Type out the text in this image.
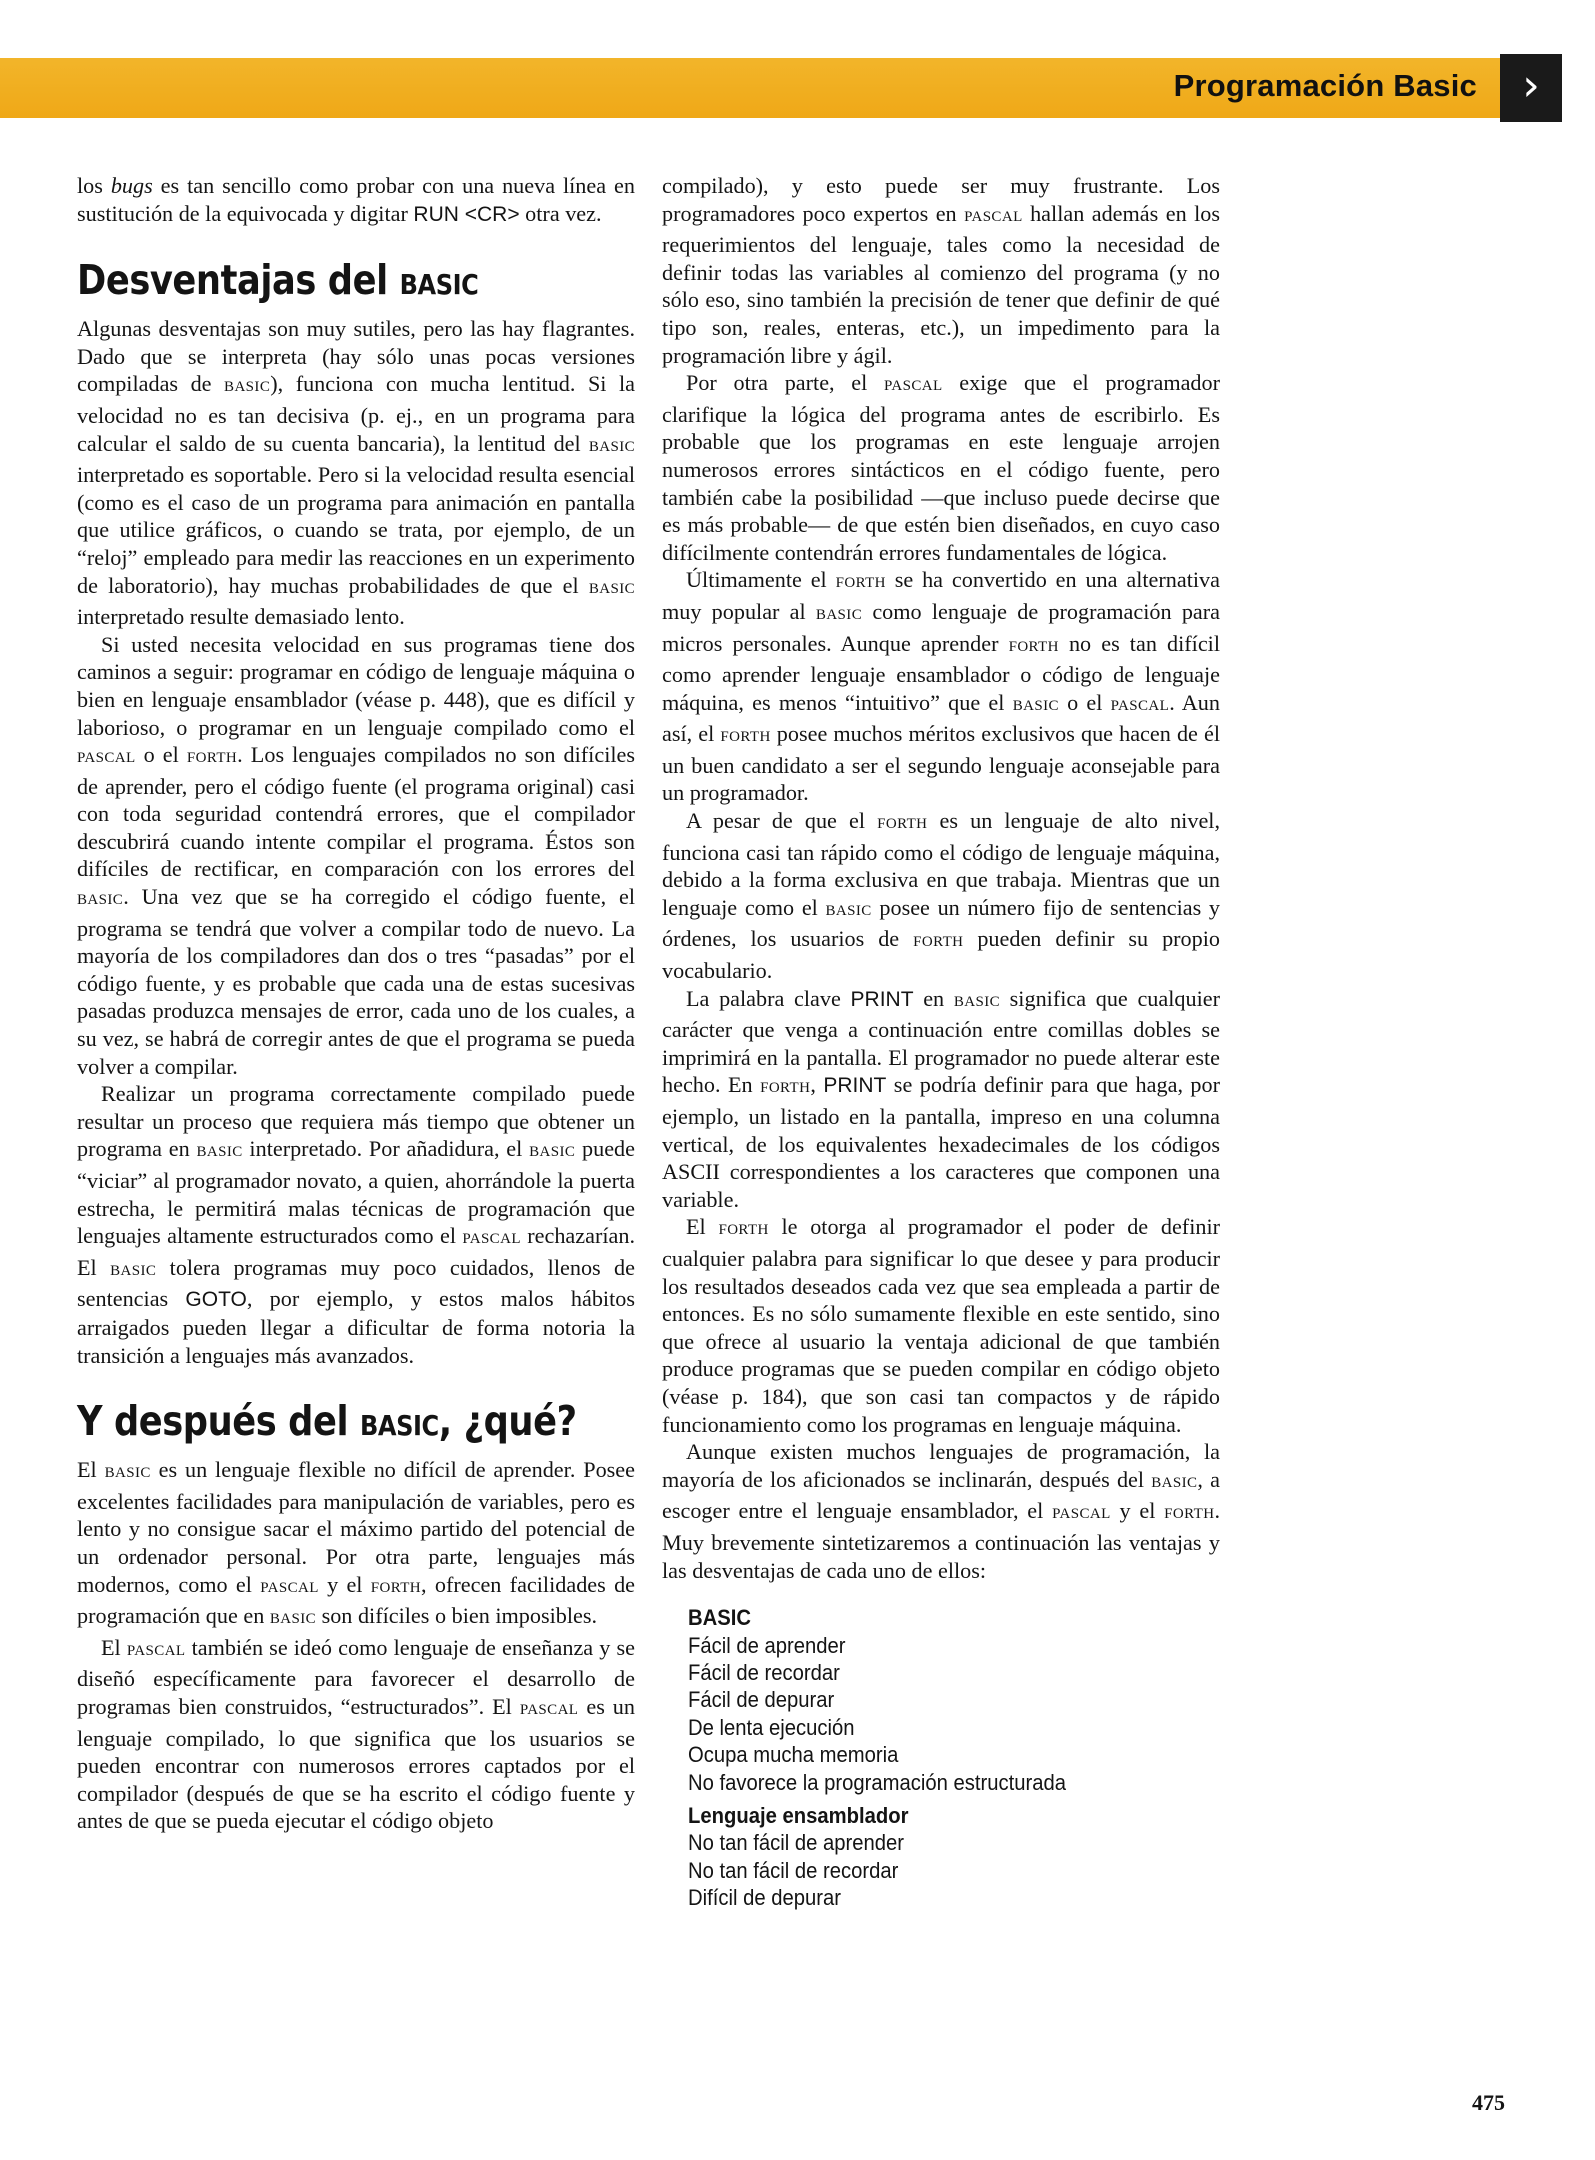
Programación Basic	›

los bugs es tan sencillo como probar con una nueva línea en sustitución de la equivocada y digitar RUN <CR> otra vez.

Desventajas del BASIC

Algunas desventajas son muy sutiles, pero las hay flagrantes. Dado que se interpreta (hay sólo unas pocas versiones compiladas de BASIC), funciona con mucha lentitud. Si la velocidad no es tan decisiva (p. ej., en un programa para calcular el saldo de su cuenta bancaria), la lentitud del BASIC interpretado es soportable. Pero si la velocidad resulta esencial (como es el caso de un programa para animación en pantalla que utilice gráficos, o cuando se trata, por ejemplo, de un “reloj” empleado para medir las reacciones en un experimento de laboratorio), hay muchas probabilidades de que el BASIC interpretado resulte demasiado lento.

Si usted necesita velocidad en sus programas tiene dos caminos a seguir: programar en código de lenguaje máquina o bien en lenguaje ensamblador (véase p. 448), que es difícil y laborioso, o programar en un lenguaje compilado como el PASCAL o el FORTH. Los lenguajes compilados no son difíciles de aprender, pero el código fuente (el programa original) casi con toda seguridad contendrá errores, que el compilador descubrirá cuando intente compilar el programa. Éstos son difíciles de rectificar, en comparación con los errores del BASIC. Una vez que se ha corregido el código fuente, el programa se tendrá que volver a compilar todo de nuevo. La mayoría de los compiladores dan dos o tres “pasadas” por el código fuente, y es probable que cada una de estas sucesivas pasadas produzca mensajes de error, cada uno de los cuales, a su vez, se habrá de corregir antes de que el programa se pueda volver a compilar.

Realizar un programa correctamente compilado puede resultar un proceso que requiera más tiempo que obtener un programa en BASIC interpretado. Por añadidura, el BASIC puede “viciar” al programador novato, a quien, ahorrándole la puerta estrecha, le permitirá malas técnicas de programación que lenguajes altamente estructurados como el PASCAL rechazarían. El BASIC tolera programas muy poco cuidados, llenos de sentencias GOTO, por ejemplo, y estos malos hábitos arraigados pueden llegar a dificultar de forma notoria la transición a lenguajes más avanzados.

Y después del BASIC, ¿qué?

El BASIC es un lenguaje flexible no difícil de aprender. Posee excelentes facilidades para manipulación de variables, pero es lento y no consigue sacar el máximo partido del potencial de un ordenador personal. Por otra parte, lenguajes más modernos, como el PASCAL y el FORTH, ofrecen facilidades de programación que en BASIC son difíciles o bien imposibles.

El PASCAL también se ideó como lenguaje de enseñanza y se diseñó específicamente para favorecer el desarrollo de programas bien construidos, “estructurados”. El PASCAL es un lenguaje compilado, lo que significa que los usuarios se pueden encontrar con numerosos errores captados por el compilador (después de que se ha escrito el código fuente y antes de que se pueda ejecutar el código objeto

compilado), y esto puede ser muy frustrante. Los programadores poco expertos en PASCAL hallan además en los requerimientos del lenguaje, tales como la necesidad de definir todas las variables al comienzo del programa (y no sólo eso, sino también la precisión de tener que definir de qué tipo son, reales, enteras, etc.), un impedimento para la programación libre y ágil.

Por otra parte, el PASCAL exige que el programador clarifique la lógica del programa antes de escribirlo. Es probable que los programas en este lenguaje arrojen numerosos errores sintácticos en el código fuente, pero también cabe la posibilidad —que incluso puede decirse que es más probable— de que estén bien diseñados, en cuyo caso difícilmente contendrán errores fundamentales de lógica.

Últimamente el FORTH se ha convertido en una alternativa muy popular al BASIC como lenguaje de programación para micros personales. Aunque aprender FORTH no es tan difícil como aprender lenguaje ensamblador o código de lenguaje máquina, es menos “intuitivo” que el BASIC o el PASCAL. Aun así, el FORTH posee muchos méritos exclusivos que hacen de él un buen candidato a ser el segundo lenguaje aconsejable para un programador.

A pesar de que el FORTH es un lenguaje de alto nivel, funciona casi tan rápido como el código de lenguaje máquina, debido a la forma exclusiva en que trabaja. Mientras que un lenguaje como el BASIC posee un número fijo de sentencias y órdenes, los usuarios de FORTH pueden definir su propio vocabulario.

La palabra clave PRINT en BASIC significa que cualquier carácter que venga a continuación entre comillas dobles se imprimirá en la pantalla. El programador no puede alterar este hecho. En FORTH, PRINT se podría definir para que haga, por ejemplo, un listado en la pantalla, impreso en una columna vertical, de los equivalentes hexadecimales de los códigos ASCII correspondientes a los caracteres que componen una variable.

El FORTH le otorga al programador el poder de definir cualquier palabra para significar lo que desee y para producir los resultados deseados cada vez que sea empleada a partir de entonces. Es no sólo sumamente flexible en este sentido, sino que ofrece al usuario la ventaja adicional de que también produce programas que se pueden compilar en código objeto (véase p. 184), que son casi tan compactos y de rápido funcionamiento como los programas en lenguaje máquina.

Aunque existen muchos lenguajes de programación, la mayoría de los aficionados se inclinarán, después del BASIC, a escoger entre el lenguaje ensamblador, el PASCAL y el FORTH. Muy brevemente sintetizaremos a continuación las ventajas y las desventajas de cada uno de ellos:

BASIC
Fácil de aprender
Fácil de recordar
Fácil de depurar
De lenta ejecución
Ocupa mucha memoria
No favorece la programación estructurada
Lenguaje ensamblador
No tan fácil de aprender
No tan fácil de recordar
Difícil de depurar
475
